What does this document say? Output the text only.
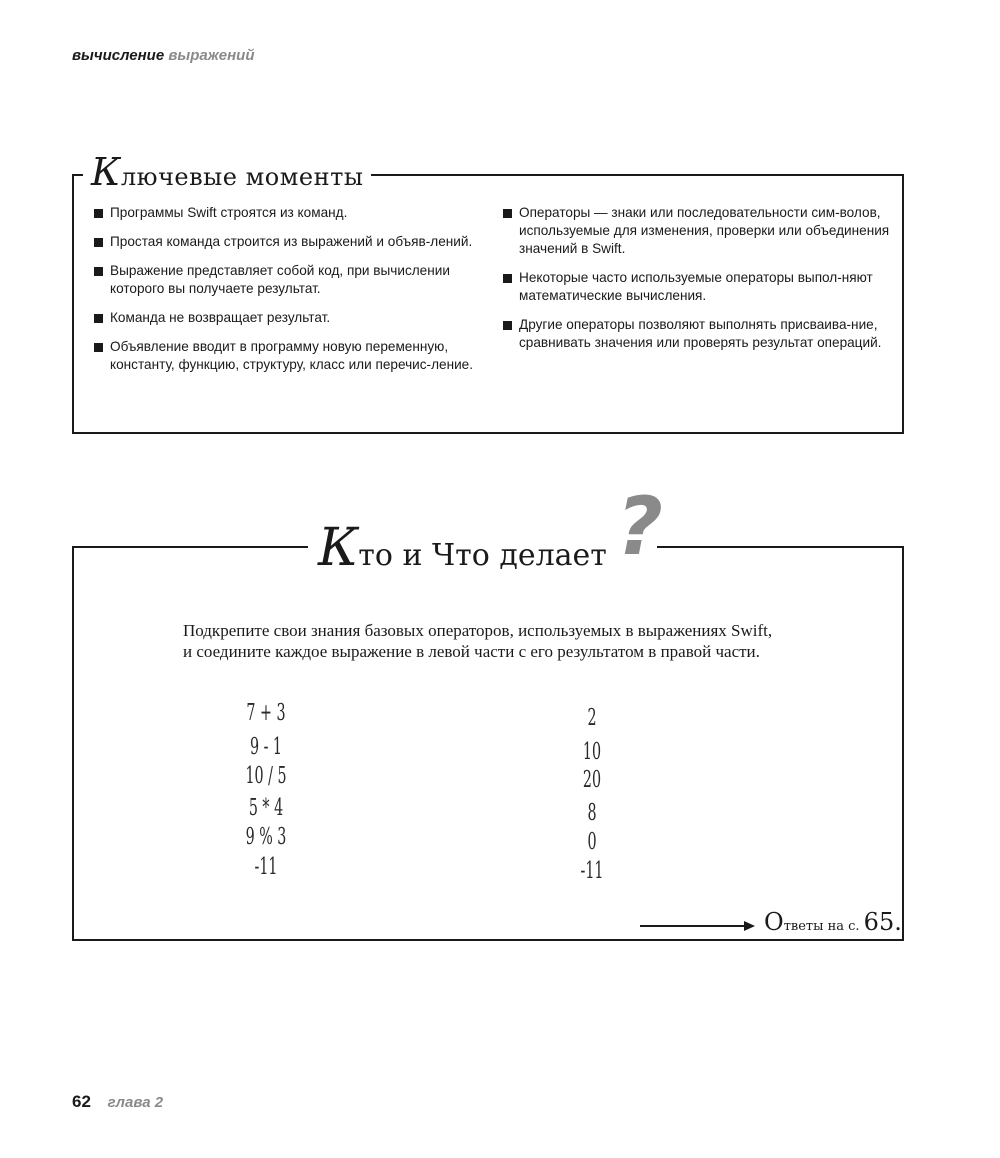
вычисление выражений
Ключевые моменты
Программы Swift строятся из команд.
Простая команда строится из выражений и объяв-лений.
Выражение представляет собой код, при вычислении которого вы получаете результат.
Команда не возвращает результат.
Объявление вводит в программу новую переменную, константу, функцию, структуру, класс или перечис-ление.
Операторы — знаки или последовательности сим-волов, используемые для изменения, проверки или объединения значений в Swift.
Некоторые часто используемые операторы выпол-няют математические вычисления.
Другие операторы позволяют выполнять присваива-ние, сравнивать значения или проверять результат операций.
Кто и Что делает ?
Подкрепите свои знания базовых операторов, используемых в выражениях Swift,
и соедините каждое выражение в левой части с его результатом в правой части.
7 + 3
9 - 1
10 / 5
5 * 4
9 % 3
-11
2
10
20
8
0
-11
Ответы на с. 65.
62 глава 2
